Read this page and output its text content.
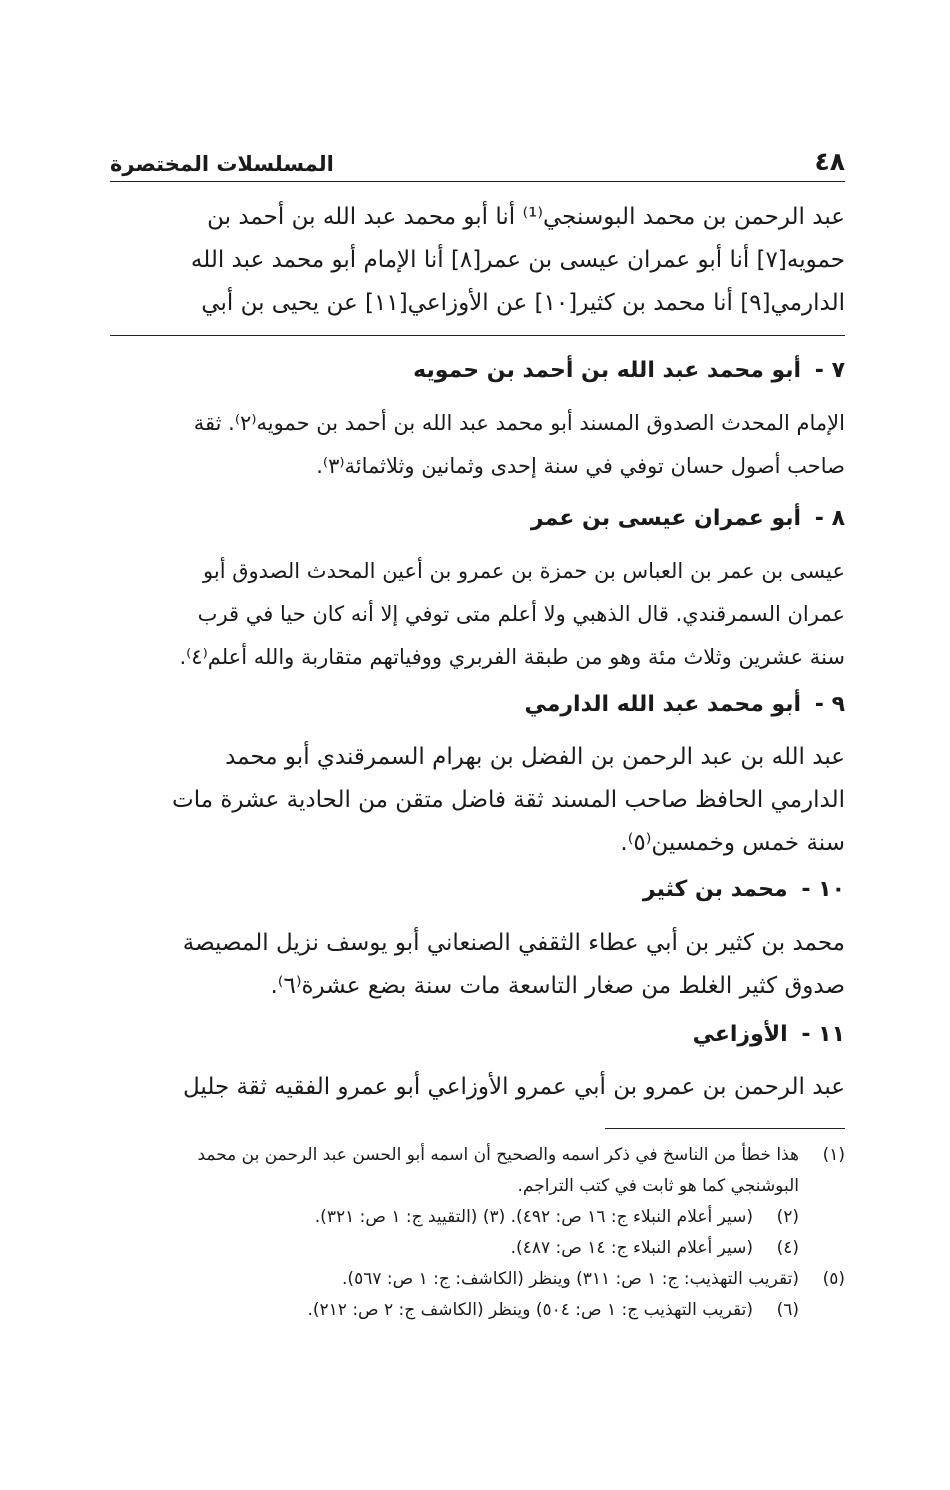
٤٨
المسلسلات المختصرة

عبد الرحمن بن محمد البوسنجي⁽¹⁾ أنا أبو محمد عبد الله بن أحمد بن

حمويه[٧] أنا أبو عمران عيسى بن عمر[٨] أنا الإمام أبو محمد عبد الله

الدارمي[٩] أنا محمد بن كثير[١٠] عن الأوزاعي[١١] عن يحيى بن أبي

٧ - أبو محمد عبد الله بن أحمد بن حمويه

الإمام المحدث الصدوق المسند أبو محمد عبد الله بن أحمد بن حمويه⁽٢⁾. ثقة

صاحب أصول حسان توفي في سنة إحدى وثمانين وثلاثمائة⁽٣⁾.

٨ - أبو عمران عيسى بن عمر

عيسى بن عمر بن العباس بن حمزة بن عمرو بن أعين المحدث الصدوق أبو

عمران السمرقندي. قال الذهبي ولا أعلم متى توفي إلا أنه كان حيا في قرب

سنة عشرين وثلاث مئة وهو من طبقة الفربري ووفياتهم متقاربة والله أعلم⁽٤⁾.

٩ - أبو محمد عبد الله الدارمي

عبد الله بن عبد الرحمن بن الفضل بن بهرام السمرقندي أبو محمد

الدارمي الحافظ صاحب المسند ثقة فاضل متقن من الحادية عشرة مات

سنة خمس وخمسين⁽٥⁾.

١٠ - محمد بن كثير

محمد بن كثير بن أبي عطاء الثقفي الصنعاني أبو يوسف نزيل المصيصة

صدوق كثير الغلط من صغار التاسعة مات سنة بضع عشرة⁽٦⁾.

١١ - الأوزاعي

عبد الرحمن بن عمرو بن أبي عمرو الأوزاعي أبو عمرو الفقيه ثقة جليل

(١)
هذا خطأ من الناسخ في ذكر اسمه والصحيح أن اسمه أبو الحسن عبد الرحمن بن محمد
البوشنجي كما هو ثابت في كتب التراجم.
(٢)
(سير أعلام النبلاء ج: ١٦ ص: ٤٩٢). (٣) (التقييد ج: ١ ص: ٣٢١).
(٤)
(سير أعلام النبلاء ج: ١٤ ص: ٤٨٧).
(٥)
(تقريب التهذيب: ج: ١ ص: ٣١١) وينظر (الكاشف: ج: ١ ص: ٥٦٧).
(٦)
(تقريب التهذيب ج: ١ ص: ٥٠٤) وينظر (الكاشف ج: ٢ ص: ٢١٢).
